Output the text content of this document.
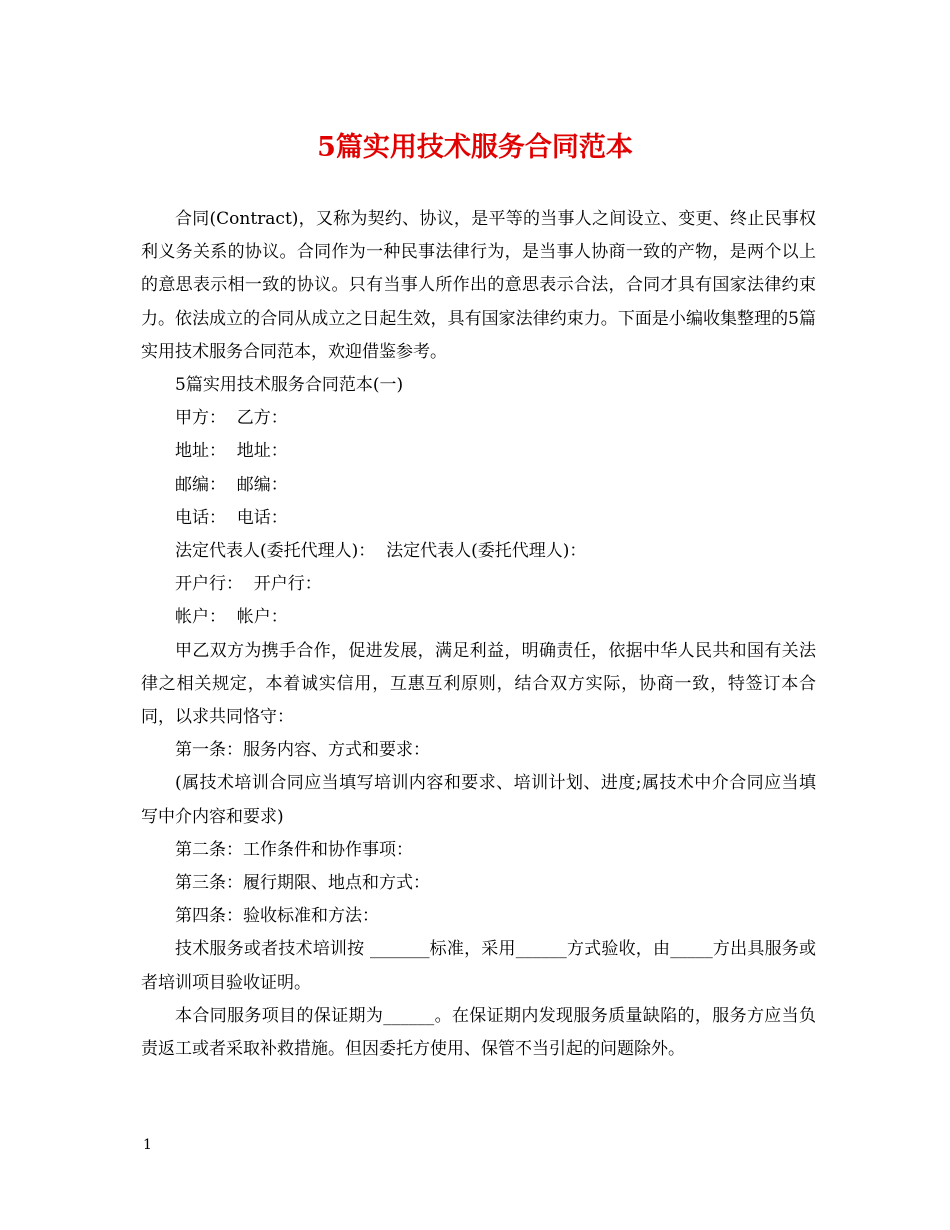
5篇实用技术服务合同范本

合同(Contract)，又称为契约、协议，是平等的当事人之间设立、变更、终止民事权利义务关系的协议。合同作为一种民事法律行为，是当事人协商一致的产物，是两个以上的意思表示相一致的协议。只有当事人所作出的意思表示合法，合同才具有国家法律约束力。依法成立的合同从成立之日起生效，具有国家法律约束力。下面是小编收集整理的5篇实用技术服务合同范本，欢迎借鉴参考。

5篇实用技术服务合同范本(一)

甲方：  乙方：

地址：  地址：

邮编：  邮编：

电话：  电话：

法定代表人(委托代理人)：  法定代表人(委托代理人)：

开户行：  开户行：

帐户：  帐户：

甲乙双方为携手合作，促进发展，满足利益，明确责任，依据中华人民共和国有关法律之相关规定，本着诚实信用，互惠互利原则，结合双方实际，协商一致，特签订本合同，以求共同恪守：

第一条：服务内容、方式和要求：

(属技术培训合同应当填写培训内容和要求、培训计划、进度;属技术中介合同应当填写中介内容和要求)

第二条：工作条件和协作事项：

第三条：履行期限、地点和方式：

第四条：验收标准和方法：

技术服务或者技术培训按 _______标准，采用______方式验收，由_____方出具服务或者培训项目验收证明。

本合同服务项目的保证期为______。在保证期内发现服务质量缺陷的，服务方应当负责返工或者采取补救措施。但因委托方使用、保管不当引起的问题除外。

1
